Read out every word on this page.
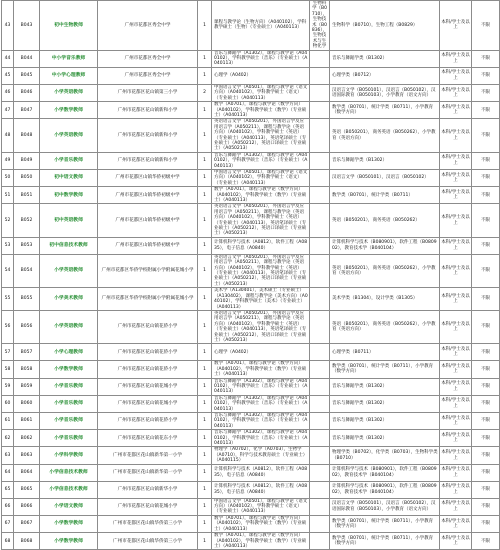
43	B043	初中生物教师	广州市花都区秀全中学	1	课程与教学论（生物方向）（A040102），学科教学硕士（生物）（专业硕士）（A040113）	生物科学（B0710），生物技术（B0836），生物技术与生物化学	生物科学（B0710），生物工程（B0829）	本科/学士及以上	不限
44	B044	中小学音乐教师	广州市花都区秀全中学	1	音乐与舞蹈学（A1302），课程与教学论（A040102），学科教学硕士（音乐）（专业硕士）（A040113）		音乐与舞蹈学类（B1302）	本科/学士及以上	不限
45	B045	中小学心理教师	广州市花都区秀全中学	1	心理学（A0402）		心理学类（B0712）	本科/学士及以上	不限
46	B046	小学英语教师	广州市花都区花山镇第三小学	2	中国语言文学（A0501），课程与教学论（语文方向）（A040102），学科教学硕士（语文）（专业硕士）（A040113）		汉语言文学（B050101），汉语言（B050102），汉语国际教育（B050103），小学教育（语文方向）	本科/学士及以上	不限
47	B047	小学数学教师	广州市花都区花山镇新和小学	1	数学（A0701），课程与教学论（数学方向）（A040102），学科教学硕士（数学）（专业硕士）（A040113）		数学类（B0701），统计学类（B0711），小学教育（数学方向）	本科/学士及以上	不限
48	B048	小学英语教师	广州市花都区花山镇新和小学	1	英语语言文学（A050201），外国语言学及应用语言学（A050211），课程与教学论（英语方向）（A040102），学科教学硕士（英语）（专业硕士）（A040113），英语笔译硕士（专业硕士）（A050212），英语口译硕士（专业硕士）（A050213）		英语（B050201），商务英语（B050262），小学教育（英语方向）	本科/学士及以上	不限
49	B049	小学音乐教师	广州市花都区花山镇新和小学	1	音乐与舞蹈学（A1302），课程与教学论（A040102），学科教学硕士（音乐）（专业硕士）（A040113）		音乐与舞蹈学类（B1302）	本科/学士及以上	不限
50	B050	初中语文教师	广州市花都区山镇华侨初级中学	1	中国语言文学（A0501），课程与教学论（语文方向）（A040102），学科教学硕士（语文）（专业硕士）（A040113）		汉语言文学（B050101），汉语言（B050102）	本科/学士及以上	不限
51	B051	初中数学教师	广州市花都区山镇华侨初级中学	1	数学（A0701），课程与教学论（数学方向）（A040102），学科教学硕士（数学）（专业硕士）（A040113）		数学类（B0701），统计学类（B0711）	本科/学士及以上	不限
52	B052	初中英语教师	广州市花都区山镇华侨初级中学	1	英语语言文学（A050201），外国语言学及应用语言学（A050211），课程与教学论（英语方向）（A040102），学科教学硕士（英语）（专业硕士）（A040113），英语笔译硕士（专业硕士）（A050212），英语口译硕士（专业硕士）（A050213）		英语（B050201），商务英语（B050262）	本科/学士及以上	不限
53	B053	初中信息技术教师	广州市花都区山镇华侨初级中学	1	计算机科学与技术（A0812），软件工程（A0835），电子信息（A0840）		计算机科学与技术（B080901），软件工程（B080902），教育技术学（B040104）	本科/学士及以上	不限
54	B054	小学英语教师	广州市花都区华侨学校附属小学附属花城小学	1	英语语言文学（A050201），外国语言学及应用语言学（A050211），课程与教学论（英语方向）（A040102），学科教学硕士（英语）（专业硕士）（A040113），英语笔译硕士（专业硕士）（A050212），英语口译硕士（专业硕士）（A050213）		英语（B050201），商务英语（B050262），小学教育（英语方向）	本科/学士及以上	不限
55	B055	小学美术教师	广州市花都区华侨学校附属小学附属花城小学	1	美术学（A130401），美术硕士（专业硕士）（A130402），课程与教学论（美术方向）（A040102），学科教学硕士（美术）（专业硕士）（A040113）		美术学类（B1304），设计学类（B1305）	本科/学士及以上	不限
56	B056	小学英语教师	广州市花都区花山镇花侨小学	1	英语语言文学（A050201），外国语言学及应用语言学（A050211），课程与教学论（英语方向）（A040102），学科教学硕士（英语）（专业硕士）（A040113），英语笔译硕士（专业硕士）（A050212），英语口译硕士（专业硕士）（A050213）		英语（B050201），商务英语（B050262），小学教育（英语方向）	本科/学士及以上	不限
57	B057	小学心理教师	广州市花都区花山镇花侨小学	1	心理学（A0402）		心理学类（B0711）	本科/学士及以上	不限
58	B058	小学数学教师	广州市花都区花山镇花侨小学	1	数学（A0701），课程与教学论（数学方向）（A040102），学科教学硕士（数学）（专业硕士）（A040113）		数学类（B0701），统计学类（B0711），小学教育（数学方向）	本科/学士及以上	不限
59	B059	小学音乐教师	广州市花都区花山镇花城小学	1	音乐与舞蹈学（A1302），课程与教学论（A040102），学科教学硕士（音乐）（专业硕士）（A040113）		音乐与舞蹈学类（B1302）	本科/学士及以上	不限
60	B060	小学音乐教师	广州市花都区花山镇花城小学	1	音乐与舞蹈学（A1302），课程与教学论（A040102），学科教学硕士（音乐）（专业硕士）（A040113）		音乐与舞蹈学类（B1302）	本科/学士及以上	不限
61	B061	小学音乐教师	广州市花都区花山镇花侨小学	1	音乐与舞蹈学（A1302），课程与教学论（A040102），学科教学硕士（音乐）（专业硕士）（A040113）		音乐与舞蹈学类（B1302）	本科/学士及以上	不限
62	B062	小学音乐教师	广州市花都区花山镇花东小学	1	音乐与舞蹈学（A1302），课程与教学论（A040102），学科教学硕士（音乐）（专业硕士）（A040113）		音乐与舞蹈学类（B1302）	本科/学士及以上	不限
63	B063	小学科学教师	广州市花都区花山镇新华第一小学	1	物理学（A0702），化学（A0703），生物学（A0710），科学与技术教育硕士（专业硕士）（A040115）		物理学类（B0702），化学类（B0703），生物科学类（B0710）	本科/学士及以上	不限
64	B064	小学信息技术教师	广州市花都区花山镇新华第一小学	1	计算机科学与技术（A0812），软件工程（A0835），电子信息（A0840）		计算机科学与技术（B080901），软件工程（B080902），教育技术学（B040104）	本科/学士及以上	不限
65	B065	小学信息技术教师	广州市花都区花山镇新华小学	1	计算机科学与技术（A0812），软件工程（A0835），电子信息（A0840）		计算机科学与技术（B080901），软件工程（B080902），教育技术学（B040104）	本科/学士及以上	不限
66	B066	小学语文教师	广州市花都区花山镇花城小学	1	中国语言文学（A0501），课程与教学论（语文方向）（A040102），学科教学硕士（语文）（专业硕士）（A040113）		汉语言文学（B050101），汉语言（B050102），汉语国际教育（B050103），小学教育（语文方向）	本科/学士及以上	不限
67	B067	小学数学教师	广州市花都区花山镇华侨第三小学	1	数学（A0701），课程与教学论（数学方向）（A040102），学科教学硕士（数学）（专业硕士）（A040113）		数学类（B0701），统计学类（B0711），小学教育（数学方向）	本科/学士及以上	不限
68	B068	小学数学教师	广州市花都区花山镇华侨第三小学	1	数学（A0701），课程与教学论（数学方向）（A040102），学科教学硕士（数学）（专业硕士）（A040113）		数学类（B0701），统计学类（B0711），小学教育（数学方向）	本科/学士及以上	不限
